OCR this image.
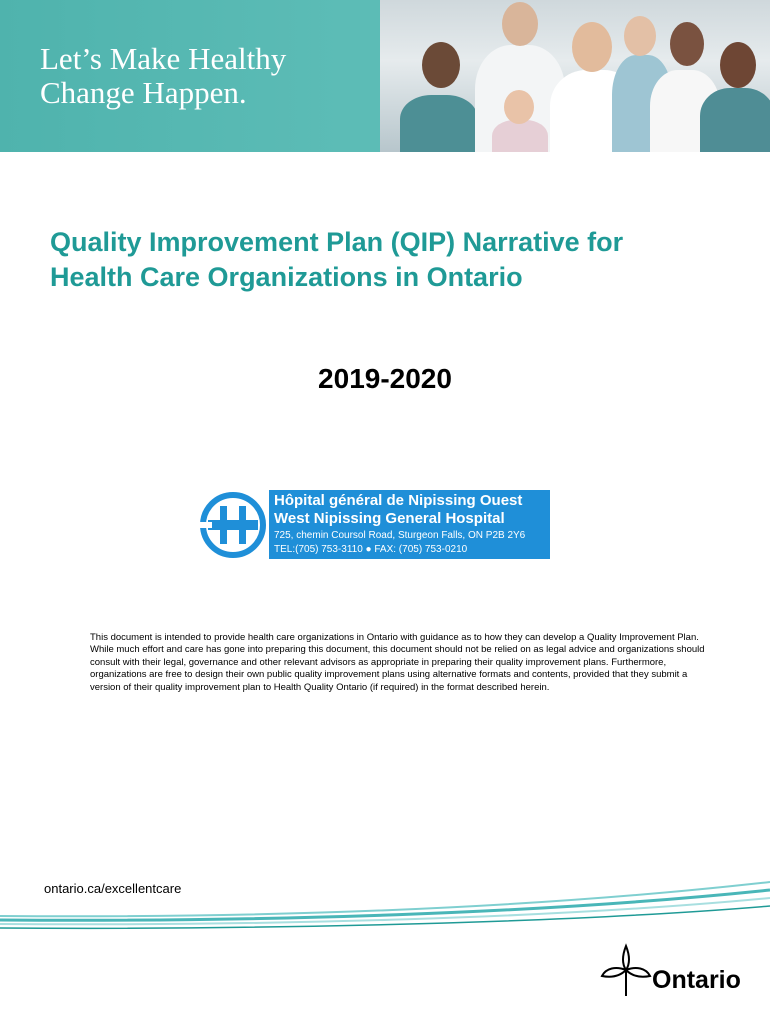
Let’s Make Healthy
Change Happen.
Quality Improvement Plan (QIP) Narrative for
Health Care Organizations in Ontario
2019-2020
Hôpital général de Nipissing Ouest
West Nipissing General Hospital
725, chemin Coursol Road, Sturgeon Falls, ON P2B 2Y6
TEL:(705) 753-3110 ● FAX: (705) 753-0210
This document is intended to provide health care organizations in Ontario with guidance as to how they can develop a Quality Improvement Plan. While much effort and care has gone into preparing this document, this document should not be relied on as legal advice and organizations should consult with their legal, governance and other relevant advisors as appropriate in preparing their quality improvement plans. Furthermore, organizations are free to design their own public quality improvement plans using alternative formats and contents, provided that they submit a version of their quality improvement plan to Health Quality Ontario (if required) in the format described herein.
ontario.ca/excellentcare
Ontario
